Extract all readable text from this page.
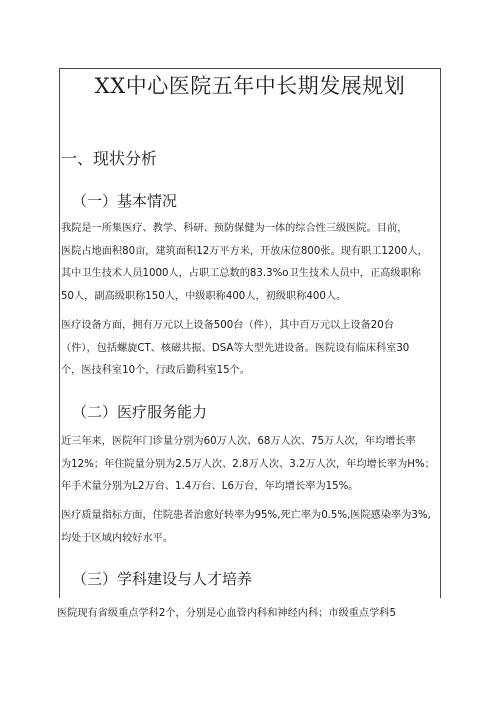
XX中心医院五年中长期发展规划
一、现状分析
（一）基本情况

我院是一所集医疗、教学、科研、预防保健为一体的综合性三级医院。目前，
医院占地面积80亩，建筑面积12万平方米，开放床位800张。现有职工1200人，
其中卫生技术人员1000人，占职工总数的83.3%o卫生技术人员中，正高级职称
50人，副高级职称150人，中级职称400人，初级职称400人。

医疗设备方面，拥有万元以上设备500台（件），其中百万元以上设备20台
（件），包括螺旋CT、核磁共振、DSA等大型先进设备。医院设有临床科室30
个，医技科室10个，行政后勤科室15个。

（二）医疗服务能力

近三年来，医院年门诊量分别为60万人次、68万人次、75万人次，年均增长率
为12%；年住院量分别为2.5万人次、2.8万人次、3.2万人次，年均增长率为H%；
年手术量分别为L2万台、1.4万台、L6万台，年均增长率为15%。

医疗质量指标方面，住院患者治愈好转率为95%,死亡率为0.5%,医院感染率为3%,
均处于区域内较好水平。

（三）学科建设与人才培养
医院现有省级重点学科2个，分别是心血管内科和神经内科；市级重点学科5
